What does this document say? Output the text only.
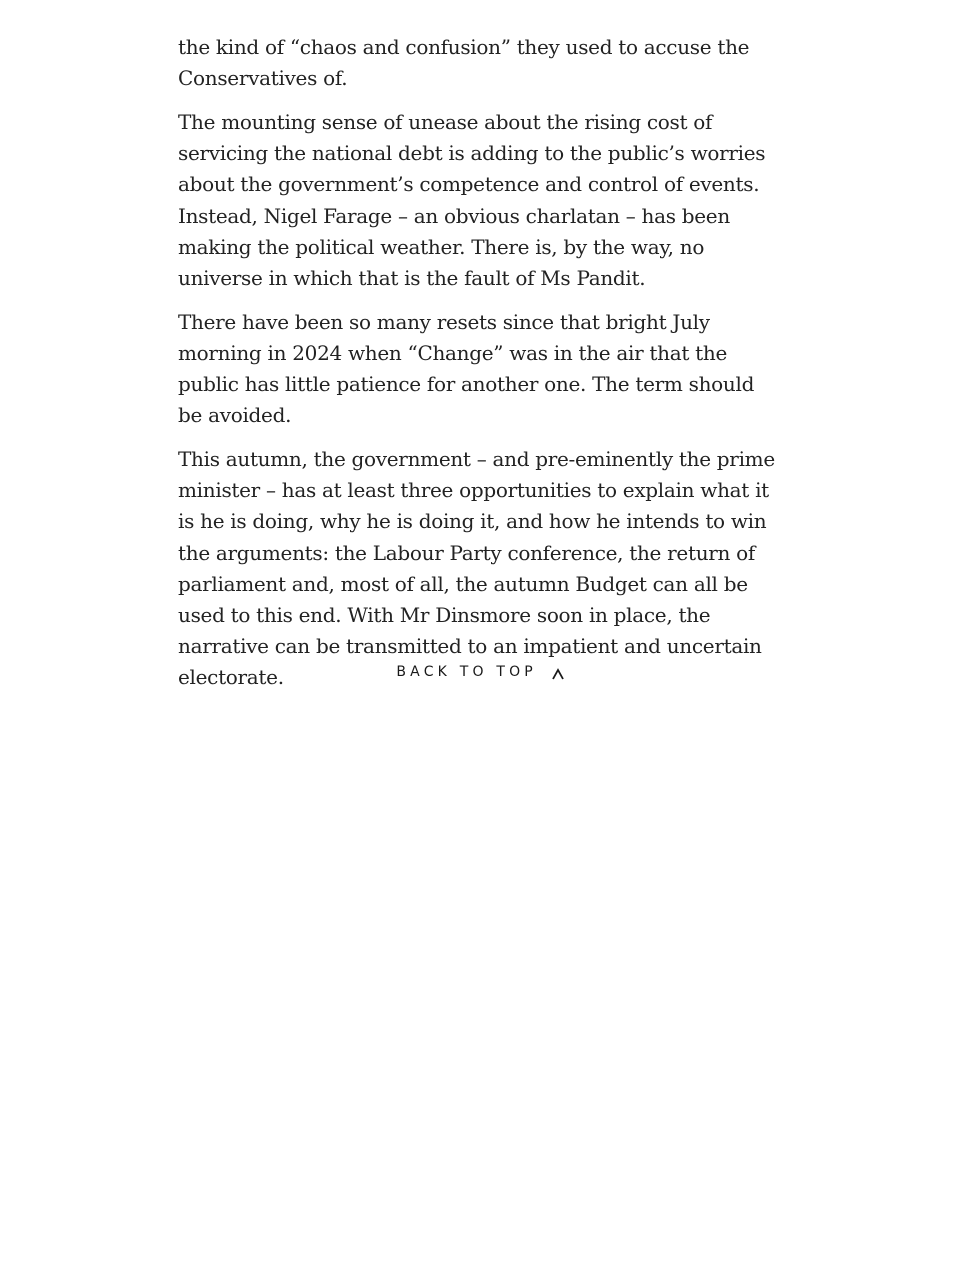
the kind of “chaos and confusion” they used to accuse the Conservatives of.

The mounting sense of unease about the rising cost of servicing the national debt is adding to the public’s worries about the government’s competence and control of events. Instead, Nigel Farage – an obvious charlatan – has been making the political weather. There is, by the way, no universe in which that is the fault of Ms Pandit.

There have been so many resets since that bright July morning in 2024 when “Change” was in the air that the public has little patience for another one. The term should be avoided.

This autumn, the government – and pre-eminently the prime minister – has at least three opportunities to explain what it is he is doing, why he is doing it, and how he intends to win the arguments: the Labour Party conference, the return of parliament and, most of all, the autumn Budget can all be used to this end. With Mr Dinsmore soon in place, the narrative can be transmitted to an impatient and uncertain electorate.	BACK TO TOP
